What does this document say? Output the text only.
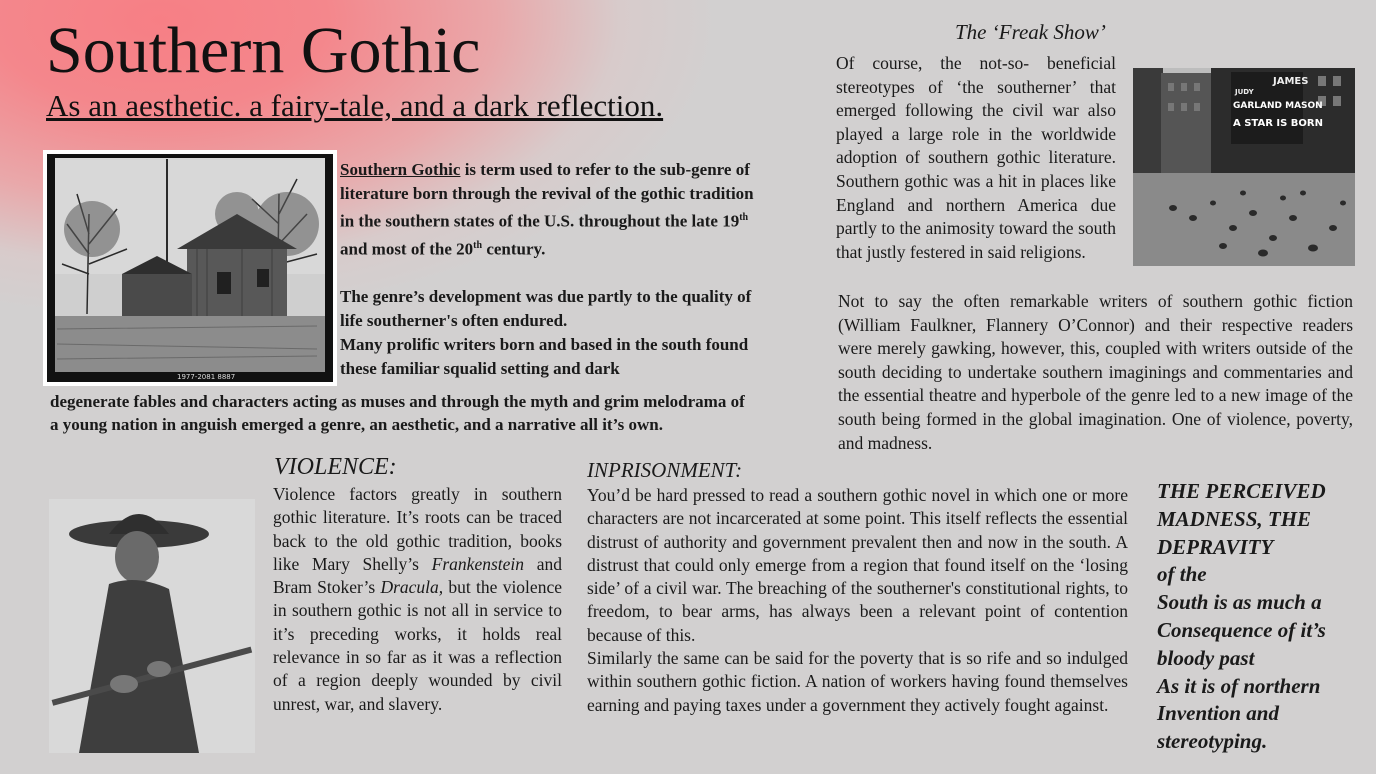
Southern Gothic
As an aesthetic. a fairy-tale, and a dark reflection.
1977-2081 8887
Southern Gothic is term used to refer to the sub-genre of literature born through the revival of the gothic tradition in the southern states of the U.S. throughout the late 19th and most of the 20th century.
The genre’s development was due partly to the quality of life southerner's often endured.
Many prolific writers born and based in the south found these familiar squalid setting and dark
degenerate fables and characters acting as muses and through the myth and grim melodrama of a young nation in anguish emerged a genre, an aesthetic, and a narrative all it’s own.
The ‘Freak Show’
Of course, the not-so- beneficial stereotypes of ‘the southerner’ that emerged following the civil war also played a large role in the worldwide adoption of southern gothic literature. Southern gothic was a hit in places like England and northern America due partly to the animosity toward the south that justly festered in said religions.
JAMES
JUDY
GARLAND MASON
A STAR IS BORN
Not to say the often remarkable writers of southern gothic fiction (William Faulkner, Flannery O’Connor) and their respective readers were merely gawking, however, this, coupled with writers outside of the south deciding to undertake southern imaginings and commentaries and the essential theatre and hyperbole of the genre led to a new image of the south being formed in the global imagination. One of violence, poverty, and madness.
VIOLENCE:
Violence factors greatly in southern gothic literature. It’s roots can be traced back to the old gothic tradition, books like Mary Shelly’s Frankenstein and Bram Stoker’s Dracula, but the violence in southern gothic is not all in service to it’s preceding works, it holds real relevance in so far as it was a reflection of a region deeply wounded by civil unrest, war, and slavery.
INPRISONMENT:
You’d be hard pressed to read a southern gothic novel in which one or more characters are not incarcerated at some point. This itself reflects the essential distrust of authority and government prevalent then and now in the south. A distrust that could only emerge from a region that found itself on the ‘losing side’ of a civil war. The breaching of the southerner's constitutional rights, to freedom, to bear arms, has always been a relevant point of contention because of this.
Similarly the same can be said for the poverty that is so rife and so indulged within southern gothic fiction. A nation of workers having found themselves earning and paying taxes under a government they actively fought against.
THE PERCEIVED
MADNESS, THE
DEPRAVITY
of the
South is as much a
Consequence of it’s
bloody past
As it is of northern
Invention and
stereotyping.
